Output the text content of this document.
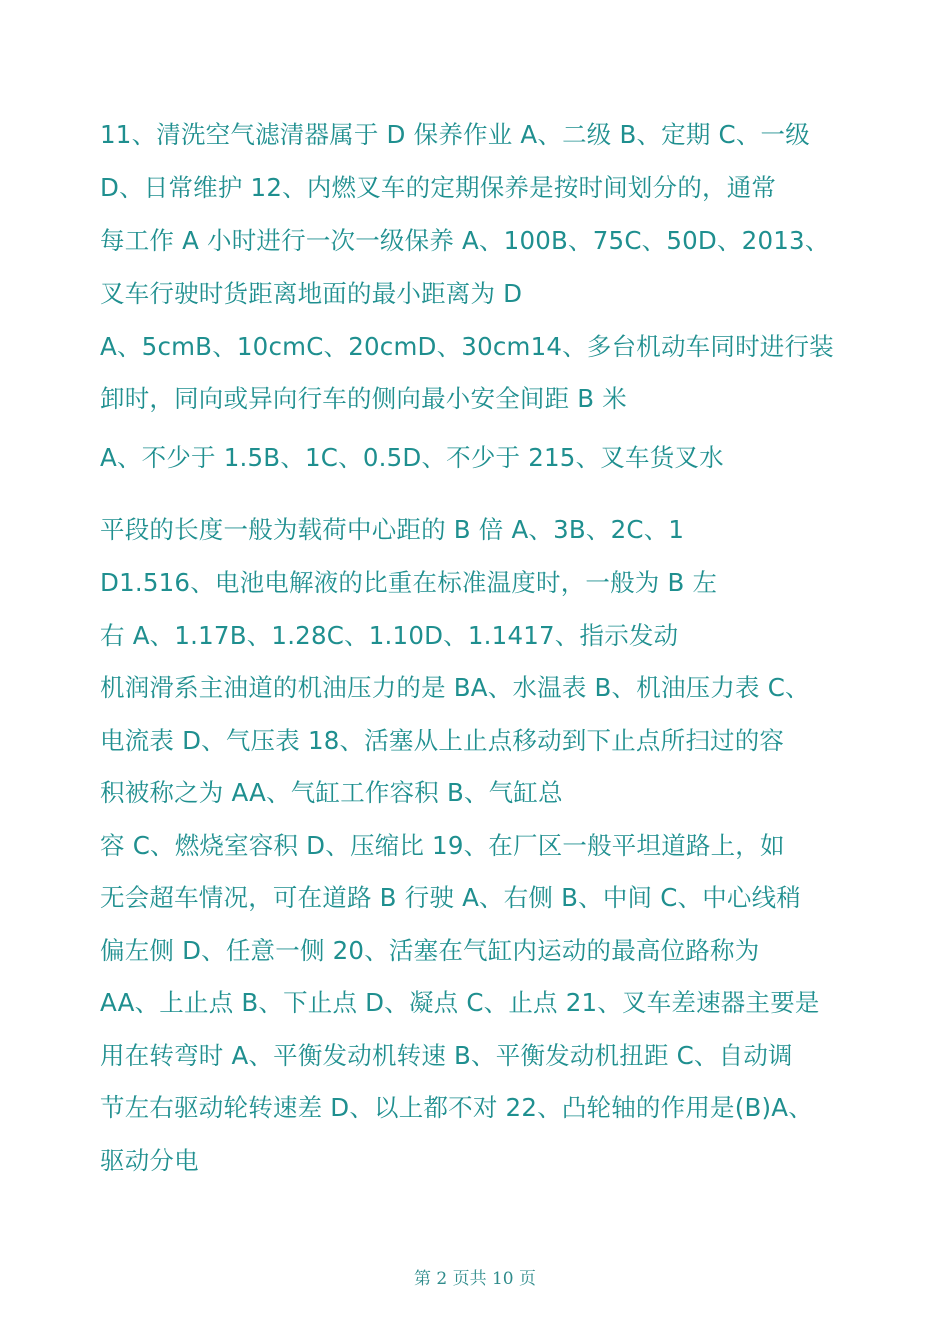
11、清洗空气滤清器属于 D 保养作业 A、二级 B、定期 C、一级
D、日常维护 12、内燃叉车的定期保养是按时间划分的，通常
每工作 A 小时进行一次一级保养 A、100B、75C、50D、2013、
叉车行驶时货距离地面的最小距离为 D
A、5cmB、10cmC、20cmD、30cm14、多台机动车同时进行装
卸时，同向或异向行车的侧向最小安全间距 B 米
A、不少于 1.5B、1C、0.5D、不少于 215、叉车货叉水
平段的长度一般为载荷中心距的 B 倍 A、3B、2C、1
D1.516、电池电解液的比重在标准温度时，一般为 B 左
右 A、1.17B、1.28C、1.10D、1.1417、指示发动
机润滑系主油道的机油压力的是 BA、水温表 B、机油压力表 C、
电流表 D、气压表 18、活塞从上止点移动到下止点所扫过的容
积被称之为 AA、气缸工作容积 B、气缸总
容 C、燃烧室容积 D、压缩比 19、在厂区一般平坦道路上，如
无会超车情况，可在道路 B 行驶 A、右侧 B、中间 C、中心线稍
偏左侧 D、任意一侧 20、活塞在气缸内运动的最高位路称为
AA、上止点 B、下止点 D、凝点 C、止点 21、叉车差速器主要是
用在转弯时 A、平衡发动机转速 B、平衡发动机扭距 C、自动调
节左右驱动轮转速差 D、以上都不对 22、凸轮轴的作用是(B)A、
驱动分电
第 2 页共 10 页
